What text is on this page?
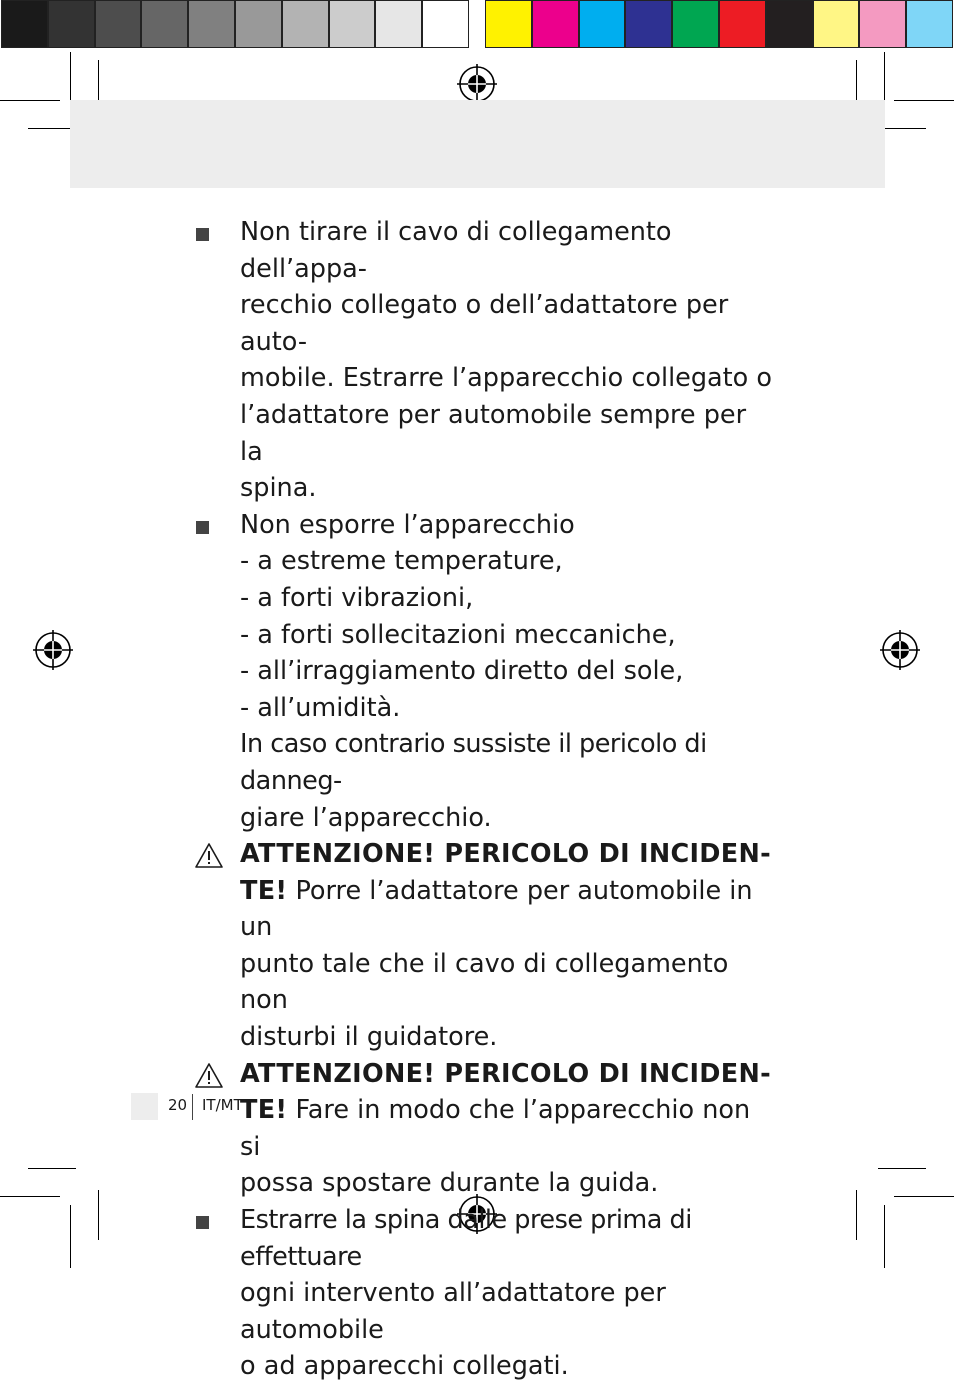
Non tirare il cavo di collegamento dell’appa-

recchio collegato o dell’adattatore per auto-

mobile. Estrarre l’apparecchio collegato o

l’adattatore per automobile sempre per la

spina.

Non esporre l’apparecchio

- a estreme temperature,

- a forti vibrazioni,

- a forti sollecitazioni meccaniche,

- all’irraggiamento diretto del sole,

- all’umidità.

In caso contrario sussiste il pericolo di danneg-

giare l’apparecchio.

ATTENZIONE! PERICOLO DI INCIDEN-

TE! Porre l’adattatore per automobile in un

punto tale che il cavo di collegamento non

disturbi il guidatore.

ATTENZIONE! PERICOLO DI INCIDEN-

TE! Fare in modo che l’apparecchio non si

possa spostare durante la guida.

Estrarre la spina dalle prese prima di effettuare

ogni intervento all’adattatore per automobile

o ad apparecchi collegati.

20 IT/MT
